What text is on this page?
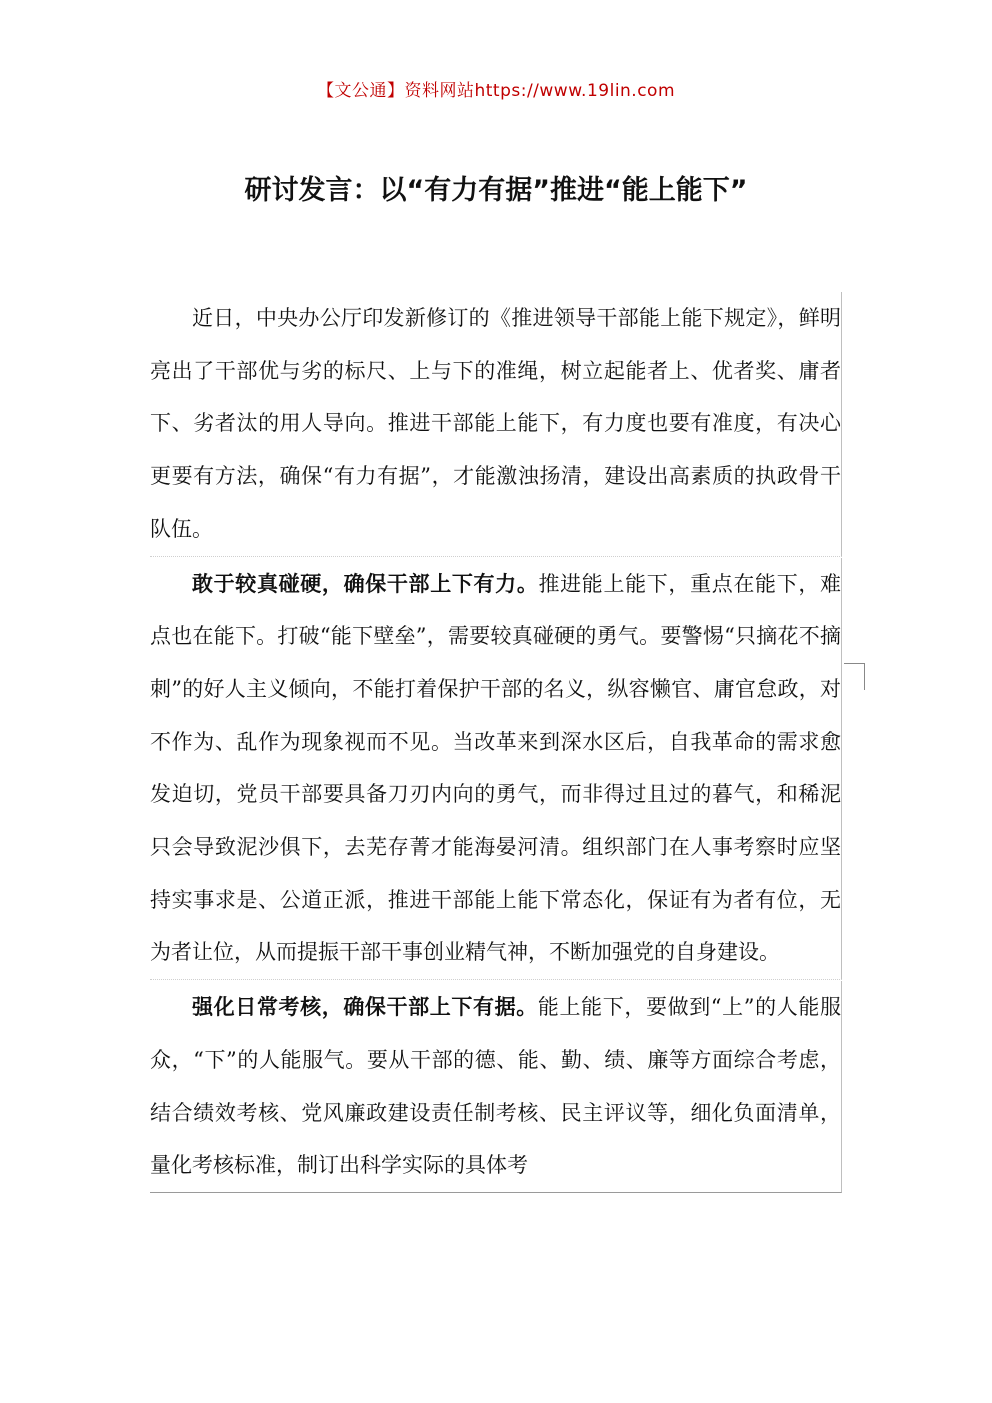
【文公通】资料网站https://www.19lin.com
研讨发言：以“有力有据”推进“能上能下”

近日，中央办公厅印发新修订的《推进领导干部能上能下规定》，鲜明亮出了干部优与劣的标尺、上与下的准绳，树立起能者上、优者奖、庸者下、劣者汰的用人导向。推进干部能上能下，有力度也要有准度，有决心更要有方法，确保“有力有据”，才能激浊扬清，建设出高素质的执政骨干队伍。

敢于较真碰硬，确保干部上下有力。推进能上能下，重点在能下，难点也在能下。打破“能下壁垒”，需要较真碰硬的勇气。要警惕“只摘花不摘刺”的好人主义倾向，不能打着保护干部的名义，纵容懒官、庸官怠政，对不作为、乱作为现象视而不见。当改革来到深水区后，自我革命的需求愈发迫切，党员干部要具备刀刃内向的勇气，而非得过且过的暮气，和稀泥只会导致泥沙俱下，去芜存菁才能海晏河清。组织部门在人事考察时应坚持实事求是、公道正派，推进干部能上能下常态化，保证有为者有位，无为者让位，从而提振干部干事创业精气神，不断加强党的自身建设。

强化日常考核，确保干部上下有据。能上能下，要做到“上”的人能服众，“下”的人能服气。要从干部的德、能、勤、绩、廉等方面综合考虑，结合绩效考核、党风廉政建设责任制考核、民主评议等，细化负面清单，量化考核标准，制订出科学实际的具体考
